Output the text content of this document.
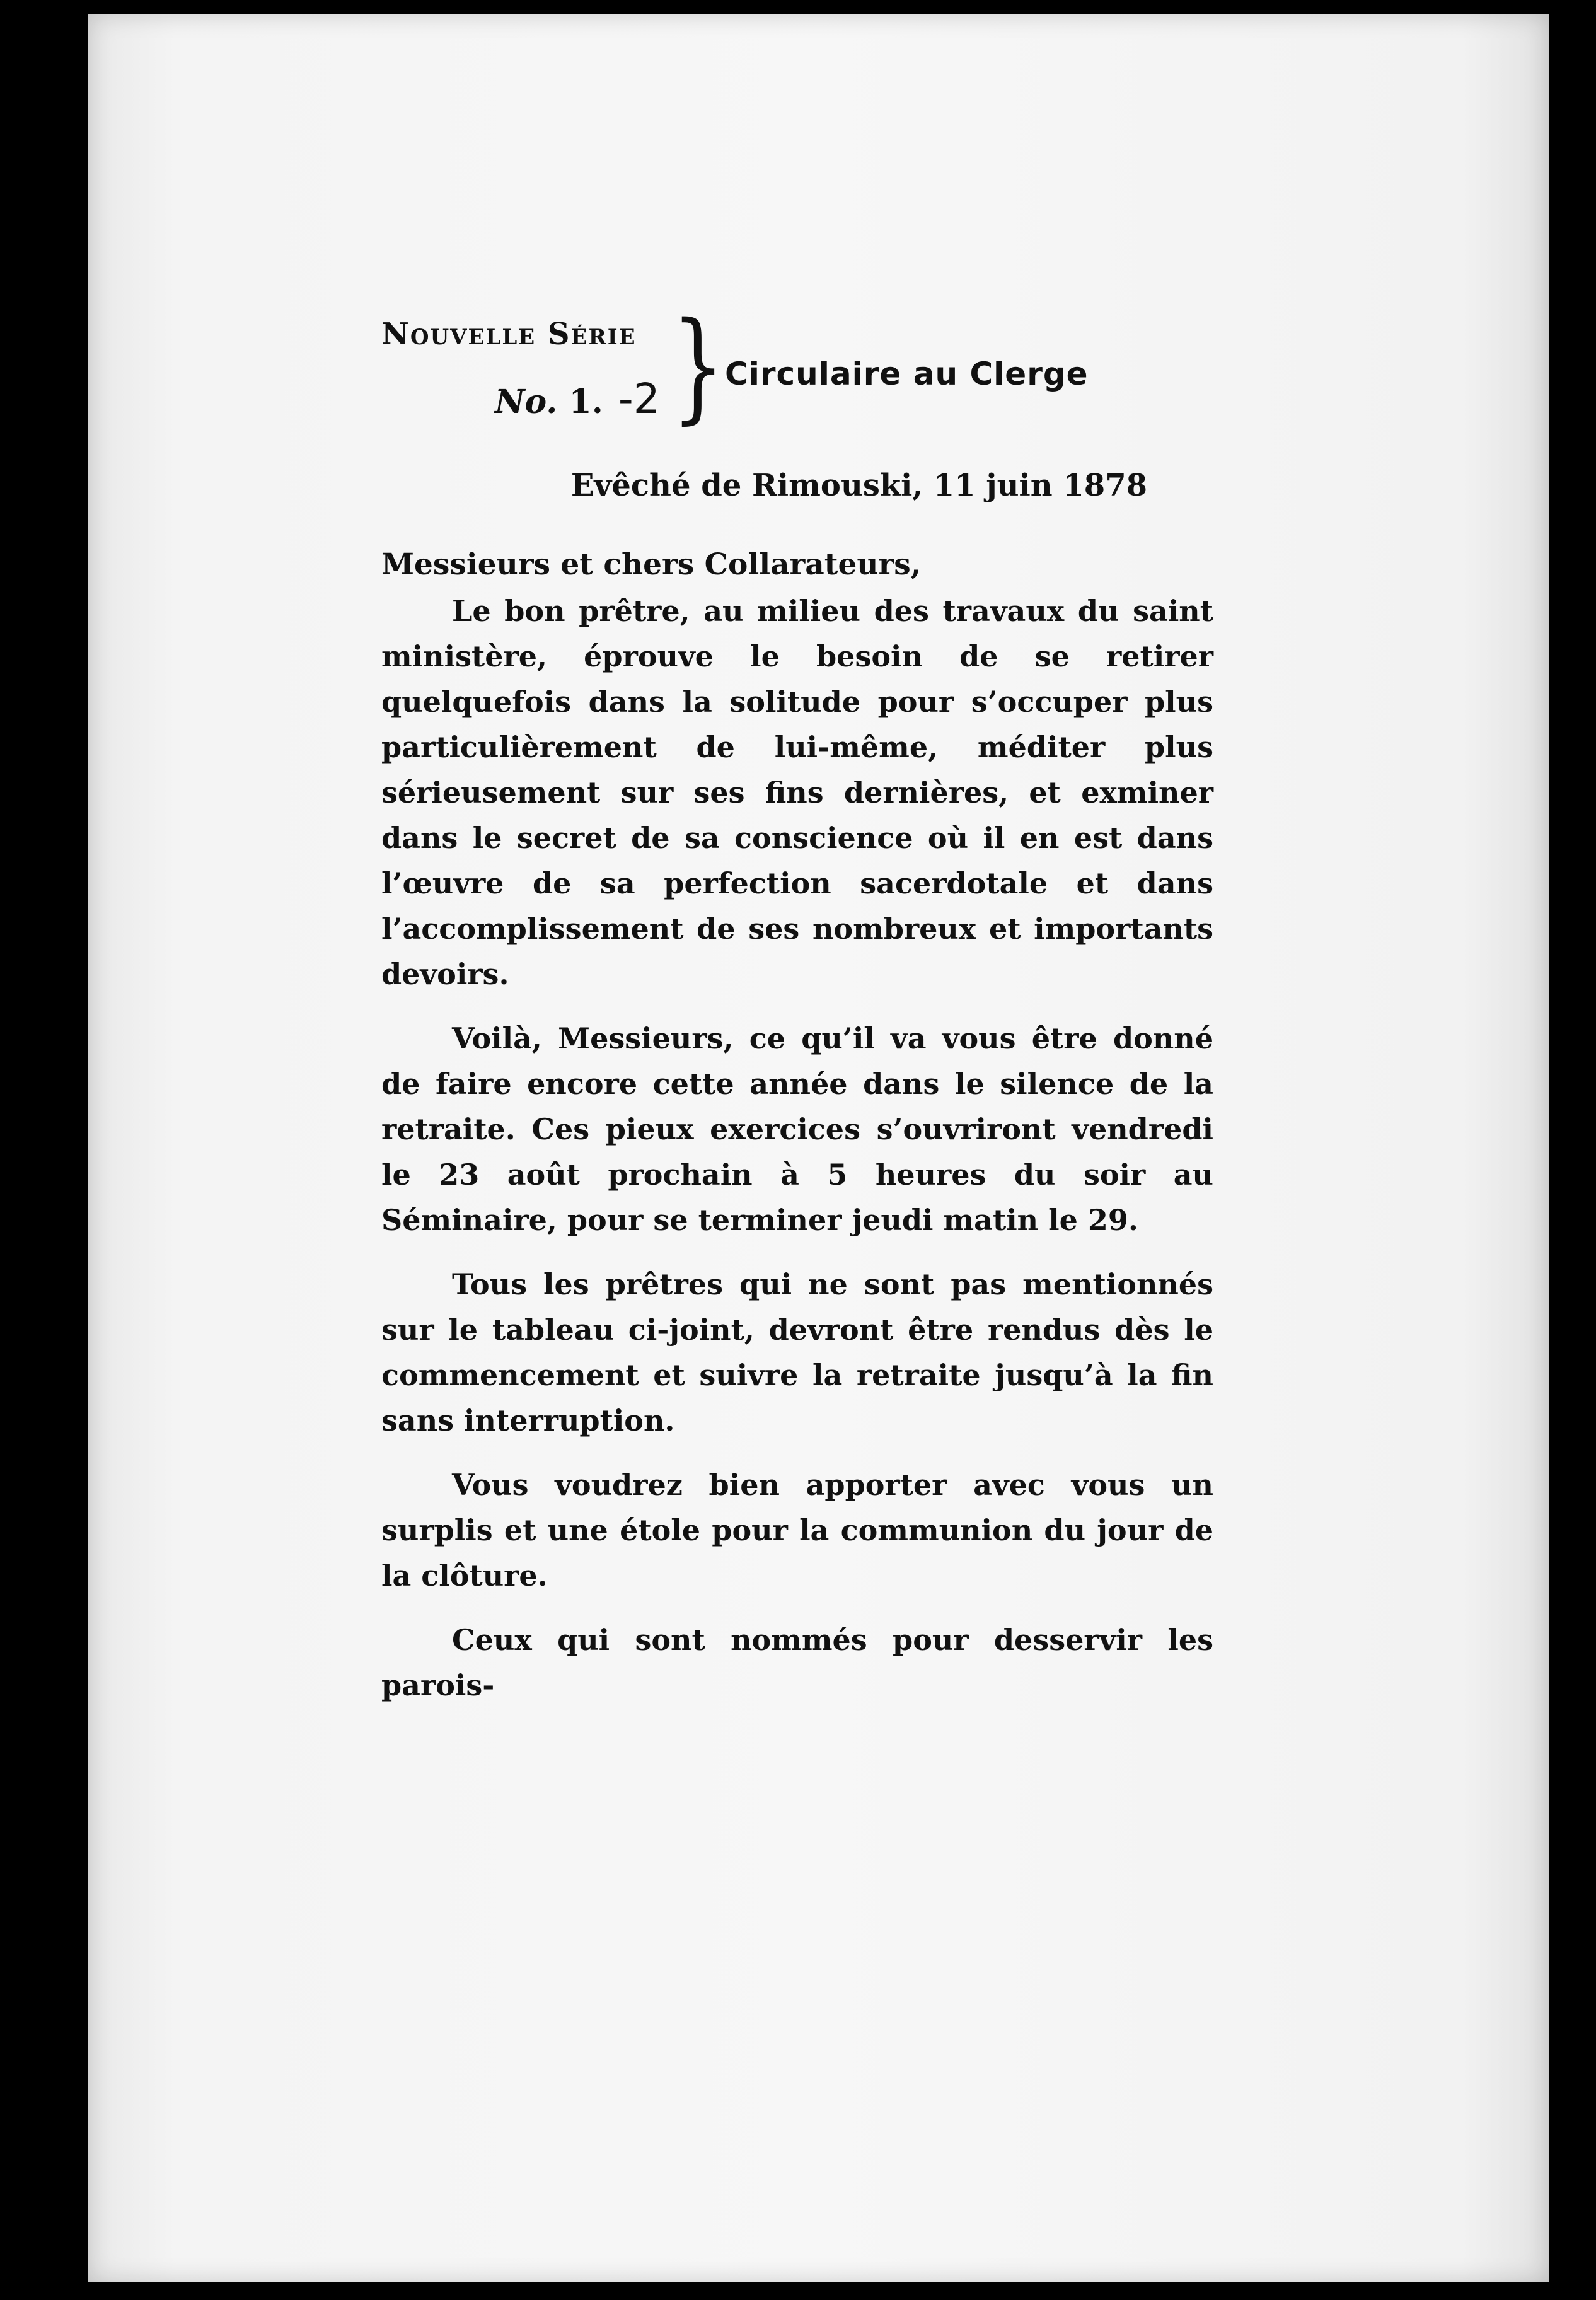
Nouvelle Série
No. 1. -2 } Circulaire au Clerge
Evêché de Rimouski, 11 juin 1878
Messieurs et chers Collarateurs,

Le bon prêtre, au milieu des travaux du saint ministère, éprouve le besoin de se retirer quelquefois dans la solitude pour s’occuper plus particulièrement de lui-même, méditer plus sérieusement sur ses fins dernières, et exminer dans le secret de sa conscience où il en est dans l’œuvre de sa perfection sacerdotale et dans l’accomplissement de ses nombreux et importants devoirs.

Voilà, Messieurs, ce qu’il va vous être donné de faire encore cette année dans le silence de la retraite. Ces pieux exercices s’ouvriront vendredi le 23 août prochain à 5 heures du soir au Séminaire, pour se terminer jeudi matin le 29.

Tous les prêtres qui ne sont pas mentionnés sur le tableau ci-joint, devront être rendus dès le commencement et suivre la retraite jusqu’à la fin sans interruption.

Vous voudrez bien apporter avec vous un surplis et une étole pour la communion du jour de la clôture.

Ceux qui sont nommés pour desservir les parois-
